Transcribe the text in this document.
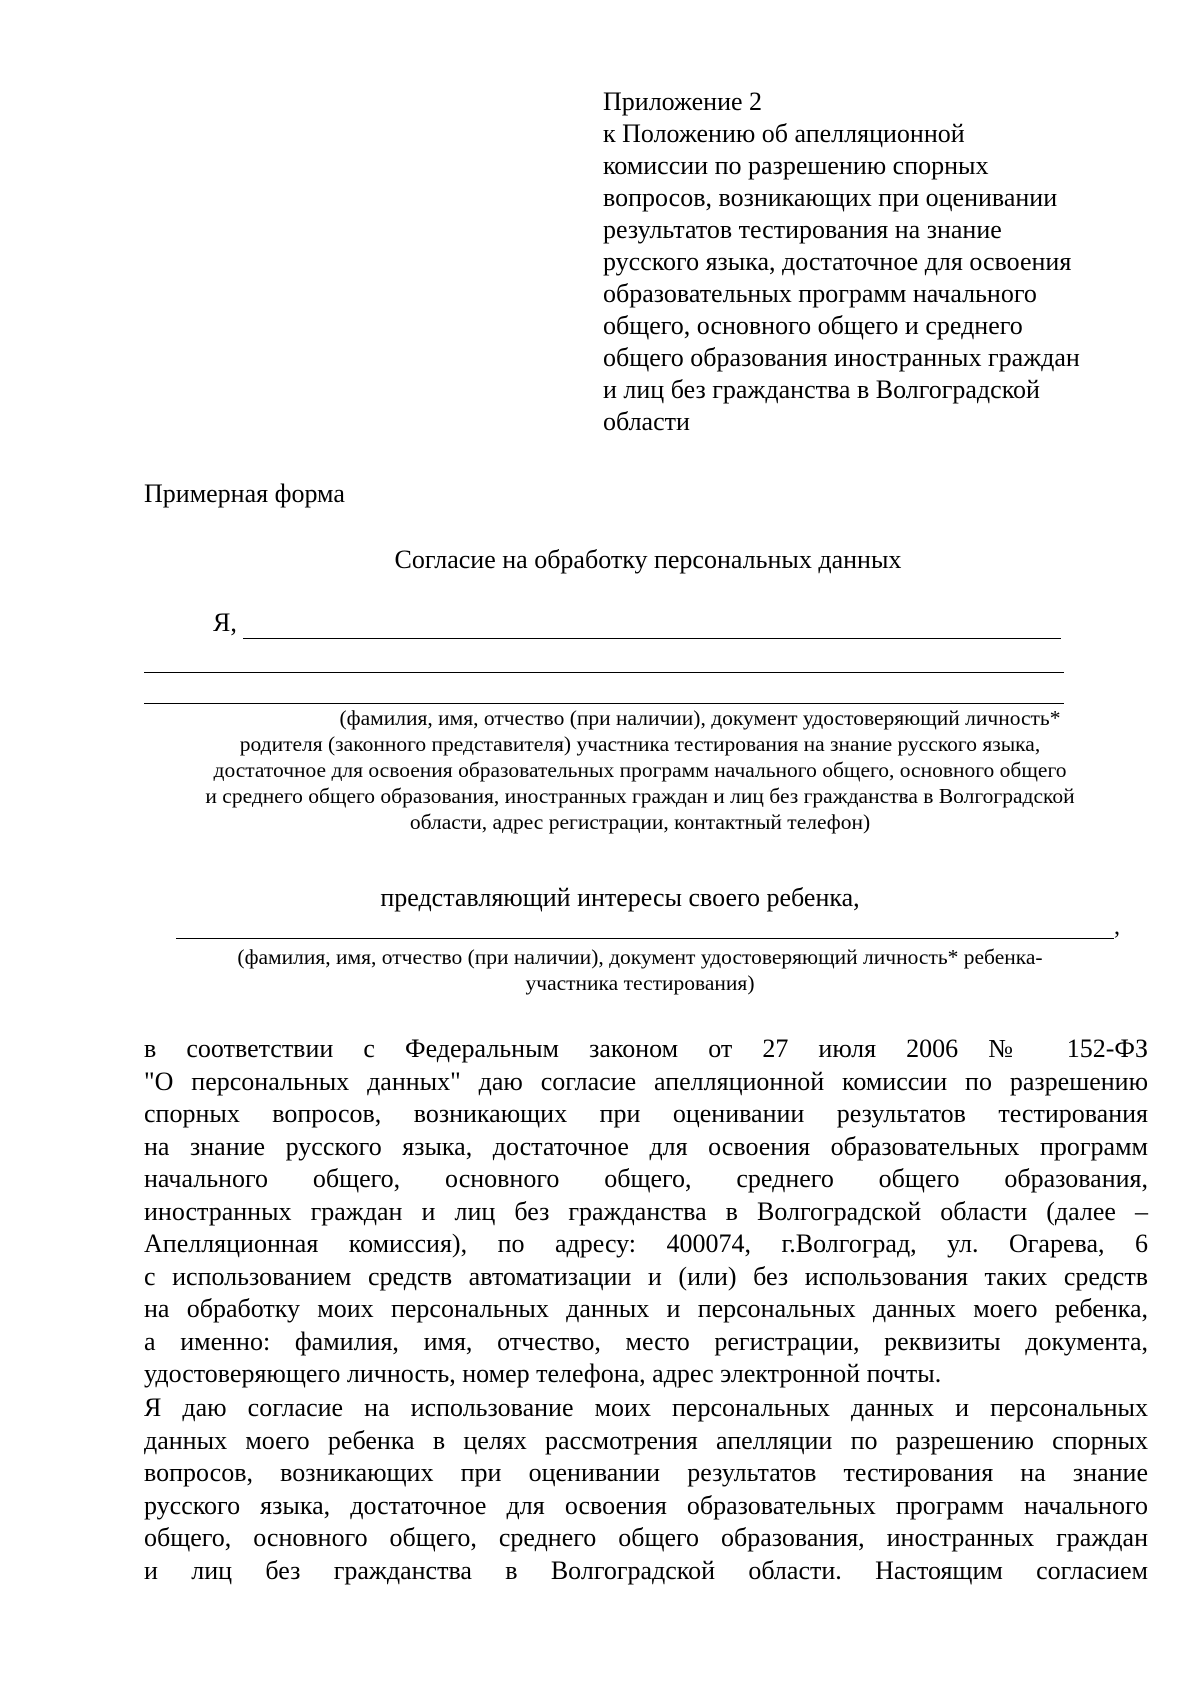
Приложение 2
к Положению об апелляционной
комиссии по разрешению спорных
вопросов, возникающих при оценивании
результатов тестирования на знание
русского языка, достаточное для освоения
образовательных программ начального
общего, основного общего и среднего
общего образования иностранных граждан
и лиц без гражданства в Волгоградской
области
Примерная форма
Согласие на обработку персональных данных
Я,
(фамилия, имя, отчество (при наличии), документ удостоверяющий личность*
родителя (законного представителя) участника тестирования на знание русского языка,
достаточное для освоения образовательных программ начального общего, основного общего
и среднего общего образования, иностранных граждан и лиц без гражданства в Волгоградской
области, адрес регистрации, контактный телефон)
представляющий интересы своего ребенка,
,
(фамилия, имя, отчество (при наличии), документ удостоверяющий личность* ребенка-
участника тестирования)
в соответствии с Федеральным законом от 27 июля 2006 № 152-ФЗ
"О персональных данных" даю согласие апелляционной комиссии по разрешению
спорных вопросов, возникающих при оценивании результатов тестирования
на знание русского языка, достаточное для освоения образовательных программ
начального общего, основного общего, среднего общего образования,
иностранных граждан и лиц без гражданства в Волгоградской области (далее –
Апелляционная комиссия), по адресу: 400074, г.Волгоград, ул. Огарева, 6
с использованием средств автоматизации и (или) без использования таких средств
на обработку моих персональных данных и персональных данных моего ребенка,
а именно: фамилия, имя, отчество, место регистрации, реквизиты документа,
удостоверяющего личность, номер телефона, адрес электронной почты.
Я даю согласие на использование моих персональных данных и персональных
данных моего ребенка в целях рассмотрения апелляции по разрешению спорных
вопросов, возникающих при оценивании результатов тестирования на знание
русского языка, достаточное для освоения образовательных программ начального
общего, основного общего, среднего общего образования, иностранных граждан
и лиц без гражданства в Волгоградской области. Настоящим согласием
